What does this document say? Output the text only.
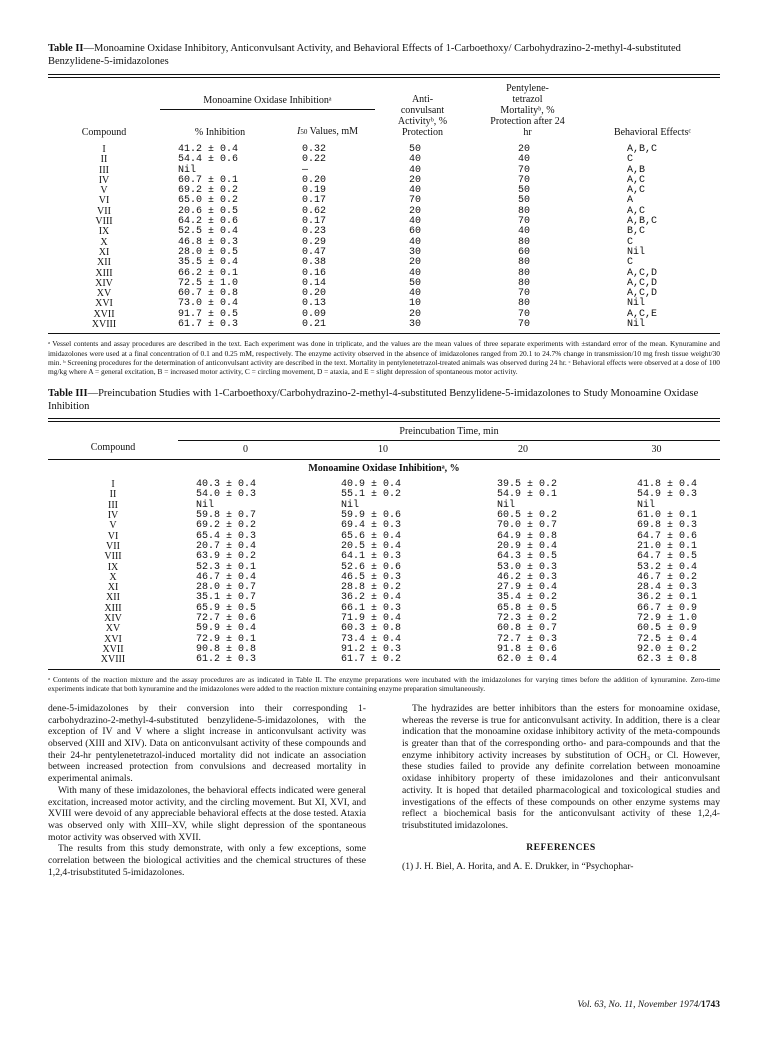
Table II—Monoamine Oxidase Inhibitory, Anticonvulsant Activity, and Behavioral Effects of 1-Carboethoxy/ Carbohydrazino-2-methyl-4-substituted Benzylidene-5-imidazolones
Compound	Monoamine Oxidase Inhibitionᵃ		Anti- convulsant Activityᵇ, % Protection	Pentylene- tetrazol Mortalityᵇ, % Protection after 24 hr	Behavioral Effectsᶜ
	% Inhibition	I50 Values, mM			
I	41.2 ± 0.4	0.32	50	20	A,B,C
II	54.4 ± 0.6	0.22	40	40	C
III	Nil	—	40	70	A,B
IV	60.7 ± 0.1	0.20	20	70	A,C
V	69.2 ± 0.2	0.19	40	50	A,C
VI	65.0 ± 0.2	0.17	70	50	A
VII	20.6 ± 0.5	0.62	20	80	A,C
VIII	64.2 ± 0.6	0.17	40	70	A,B,C
IX	52.5 ± 0.4	0.23	60	40	B,C
X	46.8 ± 0.3	0.29	40	80	C
XI	28.0 ± 0.5	0.47	30	60	Nil
XII	35.5 ± 0.4	0.38	20	80	C
XIII	66.2 ± 0.1	0.16	40	80	A,C,D
XIV	72.5 ± 1.0	0.14	50	80	A,C,D
XV	60.7 ± 0.8	0.20	40	70	A,C,D
XVI	73.0 ± 0.4	0.13	10	80	Nil
XVII	91.7 ± 0.5	0.09	20	70	A,C,E
XVIII	61.7 ± 0.3	0.21	30	70	Nil
ᵃ Vessel contents and assay procedures are described in the text. Each experiment was done in triplicate, and the values are the mean values of three separate experiments with ±standard error of the mean. Kynuramine and imidazolones were used at a final concentration of 0.1 and 0.25 mM, respectively. The enzyme activity observed in the absence of imidazolones ranged from 20.1 to 24.7% change in transmission/10 mg fresh tissue weight/30 min. ᵇ Screening procedures for the determination of anticonvulsant activity are described in the text. Mortality in pentylenetetrazol-treated animals was observed during 24 hr. ᶜ Behavioral effects were observed at a dose of 100 mg/kg where A = general excitation, B = increased motor activity, C = circling movement, D = ataxia, and E = slight depression of spontaneous motor activity.
Table III—Preincubation Studies with 1-Carboethoxy/Carbohydrazino-2-methyl-4-substituted Benzylidene-5-imidazolones to Study Monoamine Oxidase Inhibition
	Preincubation Time, min			
Compound	0	10	20	30
Monoamine Oxidase Inhibitionᵃ, %				
I	40.3 ± 0.4	40.9 ± 0.4	39.5 ± 0.2	41.8 ± 0.4
II	54.0 ± 0.3	55.1 ± 0.2	54.9 ± 0.1	54.9 ± 0.3
III	Nil	Nil	Nil	Nil
IV	59.8 ± 0.7	59.9 ± 0.6	60.5 ± 0.2	61.0 ± 0.1
V	69.2 ± 0.2	69.4 ± 0.3	70.0 ± 0.7	69.8 ± 0.3
VI	65.4 ± 0.3	65.6 ± 0.4	64.9 ± 0.8	64.7 ± 0.6
VII	20.7 ± 0.4	20.5 ± 0.4	20.9 ± 0.4	21.0 ± 0.1
VIII	63.9 ± 0.2	64.1 ± 0.3	64.3 ± 0.5	64.7 ± 0.5
IX	52.3 ± 0.1	52.6 ± 0.6	53.0 ± 0.3	53.2 ± 0.4
X	46.7 ± 0.4	46.5 ± 0.3	46.2 ± 0.3	46.7 ± 0.2
XI	28.0 ± 0.7	28.8 ± 0.2	27.9 ± 0.4	28.4 ± 0.3
XII	35.1 ± 0.7	36.2 ± 0.4	35.4 ± 0.2	36.2 ± 0.1
XIII	65.9 ± 0.5	66.1 ± 0.3	65.8 ± 0.5	66.7 ± 0.9
XIV	72.7 ± 0.6	71.9 ± 0.4	72.3 ± 0.2	72.9 ± 1.0
XV	59.9 ± 0.4	60.3 ± 0.8	60.8 ± 0.7	60.5 ± 0.9
XVI	72.9 ± 0.1	73.4 ± 0.4	72.7 ± 0.3	72.5 ± 0.4
XVII	90.8 ± 0.8	91.2 ± 0.3	91.8 ± 0.6	92.0 ± 0.2
XVIII	61.2 ± 0.3	61.7 ± 0.2	62.0 ± 0.4	62.3 ± 0.8
ᵃ Contents of the reaction mixture and the assay procedures are as indicated in Table II. The enzyme preparations were incubated with the imidazolones for varying times before the addition of kynuramine. Zero-time experiments indicate that both kynuramine and the imidazolones were added to the reaction mixture containing enzyme preparation simultaneously.

dene-5-imidazolones by their conversion into their corresponding 1-carbohydrazino-2-methyl-4-substituted benzylidene-5-imidazolones, with the exception of IV and V where a slight increase in anticonvulsant activity was observed (XIII and XIV). Data on anticonvulsant activity of these compounds and their 24-hr pentylenetetrazol-induced mortality did not indicate an association between increased protection from convulsions and decreased mortality in experimental animals.

With many of these imidazolones, the behavioral effects indicated were general excitation, increased motor activity, and the circling movement. But XI, XVI, and XVIII were devoid of any appreciable behavioral effects at the dose tested. Ataxia was observed only with XIII–XV, while slight depression of the spontaneous motor activity was observed with XVII.

The results from this study demonstrate, with only a few exceptions, some correlation between the biological activities and the chemical structures of these 1,2,4-trisubstituted 5-imidazolones.

The hydrazides are better inhibitors than the esters for monoamine oxidase, whereas the reverse is true for anticonvulsant activity. In addition, there is a clear indication that the monoamine oxidase inhibitory activity of the meta-compounds is greater than that of the corresponding ortho- and para-compounds and that the enzyme inhibitory activity increases by substitution of OCH₃ or Cl. However, these studies failed to provide any definite correlation between monoamine oxidase inhibitory property of these imidazolones and their anticonvulsant activity. It is hoped that detailed pharmacological and toxicological studies and investigations of the effects of these compounds on other enzyme systems may reflect a biochemical basis for the anticonvulsant activity of these 1,2,4-trisubstituted imidazolones.

REFERENCES

(1) J. H. Biel, A. Horita, and A. E. Drukker, in “Psychophar-

Vol. 63, No. 11, November 1974/1743
